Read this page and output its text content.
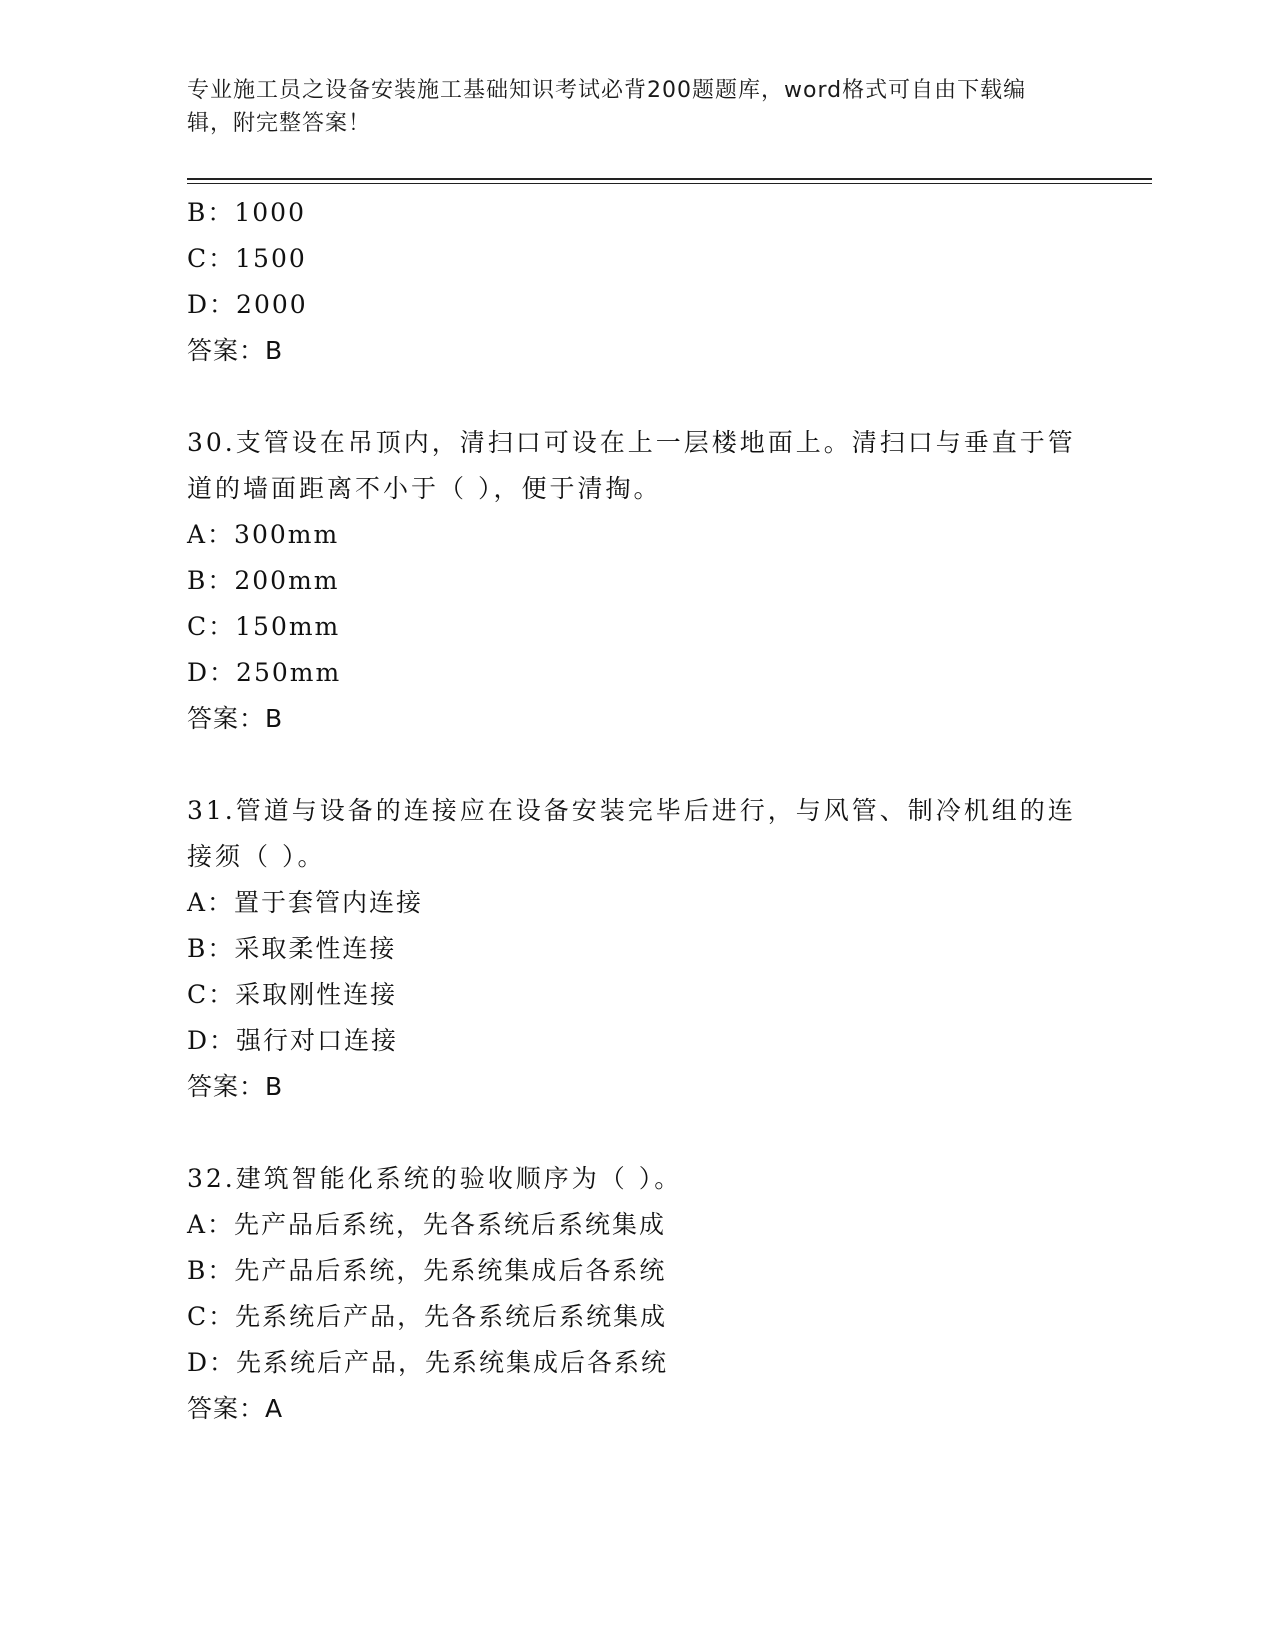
专业施工员之设备安装施工基础知识考试必背200题题库，word格式可自由下载编辑，附完整答案！
B：1000
C：1500
D：2000
答案：B
30.支管设在吊顶内，清扫口可设在上一层楼地面上。清扫口与垂直于管道的墙面距离不小于（ ），便于清掏。
A：300mm
B：200mm
C：150mm
D：250mm
答案：B
31.管道与设备的连接应在设备安装完毕后进行，与风管、制冷机组的连接须（ ）。
A：置于套管内连接
B：采取柔性连接
C：采取刚性连接
D：强行对口连接
答案：B
32.建筑智能化系统的验收顺序为（ ）。
A：先产品后系统，先各系统后系统集成
B：先产品后系统，先系统集成后各系统
C：先系统后产品，先各系统后系统集成
D：先系统后产品，先系统集成后各系统
答案：A
